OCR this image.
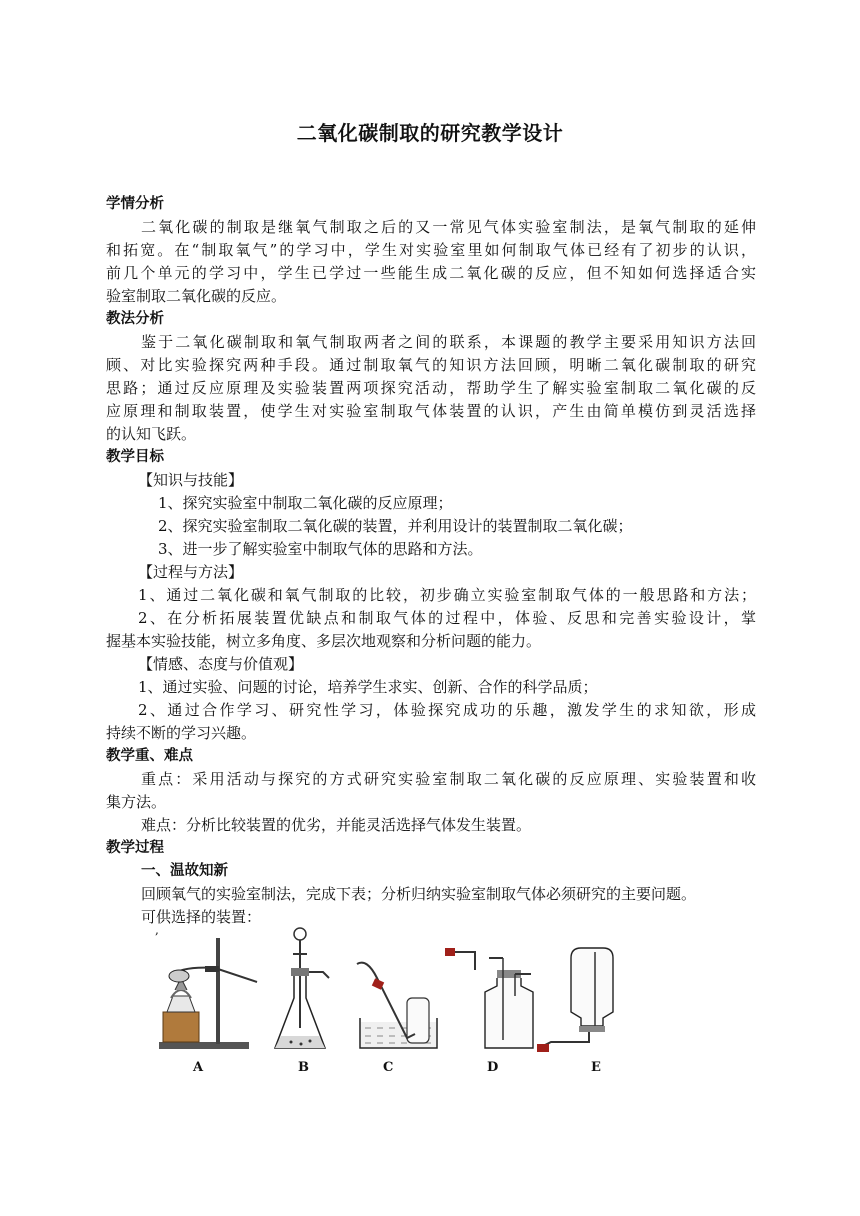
二氧化碳制取的研究教学设计
学情分析
二氧化碳的制取是继氧气制取之后的又一常见气体实验室制法，是氧气制取的延伸
和拓宽。在“制取氧气”的学习中，学生对实验室里如何制取气体已经有了初步的认识，
前几个单元的学习中，学生已学过一些能生成二氧化碳的反应，但不知如何选择适合实
验室制取二氧化碳的反应。
教法分析
鉴于二氧化碳制取和氧气制取两者之间的联系，本课题的教学主要采用知识方法回
顾、对比实验探究两种手段。通过制取氧气的知识方法回顾，明晰二氧化碳制取的研究
思路；通过反应原理及实验装置两项探究活动，帮助学生了解实验室制取二氧化碳的反
应原理和制取装置，使学生对实验室制取气体装置的认识，产生由简单模仿到灵活选择
的认知飞跃。
教学目标
【知识与技能】
1、探究实验室中制取二氧化碳的反应原理；
2、探究实验室制取二氧化碳的装置，并利用设计的装置制取二氧化碳；
3、进一步了解实验室中制取气体的思路和方法。
【过程与方法】
1、通过二氧化碳和氧气制取的比较，初步确立实验室制取气体的一般思路和方法；
2、在分析拓展装置优缺点和制取气体的过程中，体验、反思和完善实验设计，掌
握基本实验技能，树立多角度、多层次地观察和分析问题的能力。
【情感、态度与价值观】
1、通过实验、问题的讨论，培养学生求实、创新、合作的科学品质；
2、通过合作学习、研究性学习，体验探究成功的乐趣，激发学生的求知欲，形成
持续不断的学习兴趣。
教学重、难点
重点：采用活动与探究的方式研究实验室制取二氧化碳的反应原理、实验装置和收
集方法。
难点：分析比较装置的优劣，并能灵活选择气体发生装置。
教学过程
一、温故知新
回顾氧气的实验室制法，完成下表；分析归纳实验室制取气体必须研究的主要问题。
可供选择的装置：
,
A	B	C	D	E
